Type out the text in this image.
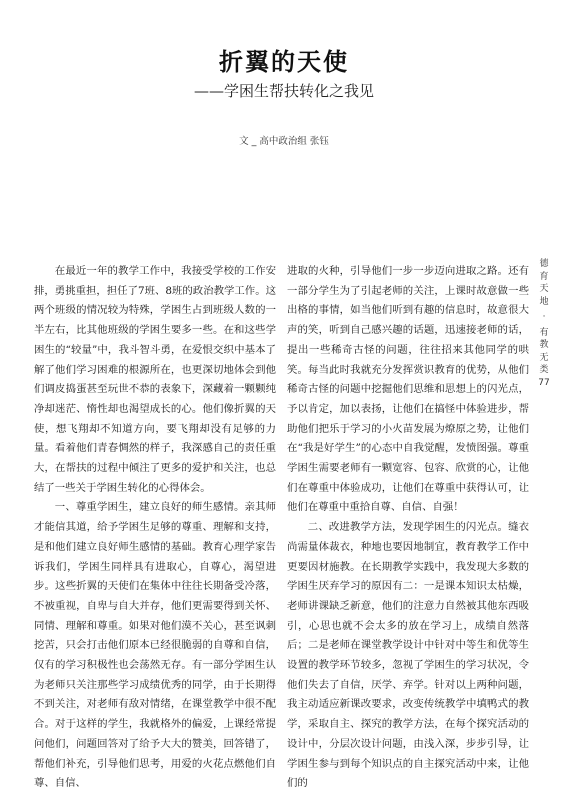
折翼的天使
——学困生帮扶转化之我见
文 _ 高中政治组 张钰

在最近一年的教学工作中，我接受学校的工作安排，勇挑重担，担任了7班、8班的政治教学工作。这两个班级的情况较为特殊，学困生占到班级人数的一半左右，比其他班级的学困生要多一些。在和这些学困生的“较量”中，我斗智斗勇，在爱恨交织中基本了解了他们学习困难的根源所在，也更深切地体会到他们调皮捣蛋甚至玩世不恭的表象下，深藏着一颗颗纯净却迷茫、惰性却也渴望成长的心。他们像折翼的天使，想飞翔却不知道方向，要飞翔却没有足够的力量。看着他们青春惆然的样子，我深感自己的责任重大，在帮扶的过程中倾注了更多的爱护和关注，也总结了一些关于学困生转化的心得体会。

一、尊重学困生，建立良好的师生感情。亲其师才能信其道，给予学困生足够的尊重、理解和支持，是和他们建立良好师生感情的基础。教育心理学家告诉我们，学困生同样具有进取心，自尊心，渴望进步。这些折翼的天使们在集体中往往长期备受冷落，不被重视，自卑与自大并存，他们更需要得到关怀、同情、理解和尊重。如果对他们漠不关心，甚至讽刺挖苦，只会打击他们原本已经很脆弱的自尊和自信，仅有的学习积极性也会荡然无存。有一部分学困生认为老师只关注那些学习成绩优秀的同学，由于长期得不到关注，对老师有敌对情绪，在课堂教学中很不配合。对于这样的学生，我就格外的偏爱，上课经常提问他们，问题回答对了给予大大的赞美，回答错了，帮他们补充，引导他们思考，用爱的火花点燃他们自尊、自信、

进取的火种，引导他们一步一步迈向进取之路。还有一部分学生为了引起老师的关注，上课时故意做一些出格的事情，如当他们听到有趣的信息时，故意很大声的笑，听到自己感兴趣的话题，迅速接老师的话，提出一些稀奇古怪的问题，往往招来其他同学的哄笑。每当此时我就充分发挥赏识教育的优势，从他们稀奇古怪的问题中挖掘他们思维和思想上的闪光点，予以肯定，加以表扬，让他们在搞怪中体验进步，帮助他们把乐于学习的小火苗发展为燎原之势，让他们在“我是好学生”的心态中自我觉醒，发愤图强。尊重学困生需要老师有一颗宽容、包容、欣赏的心，让他们在尊重中体验成功，让他们在尊重中获得认可，让他们在尊重中重拾自尊、自信、自强！

二、改进教学方法，发现学困生的闪光点。缝衣尚需量体裁衣，种地也要因地制宜，教育教学工作中更要因材施教。在长期教学实践中，我发现大多数的学困生厌弃学习的原因有二：一是课本知识太枯燥，老师讲课缺乏新意，他们的注意力自然被其他东西吸引，心思也就不会太多的放在学习上，成绩自然落后；二是老师在课堂教学设计中针对中等生和优等生设置的教学环节较多，忽视了学困生的学习状况，令他们失去了自信，厌学、弃学。针对以上两种问题，我主动适应新课改要求，改变传统教学中填鸭式的教学，采取自主、探究的教学方法，在每个探究活动的设计中，分层次设计问题，由浅入深，步步引导，让学困生参与到每个知识点的自主探究活动中来，让他们的

德育天地
·
有教无类
77
